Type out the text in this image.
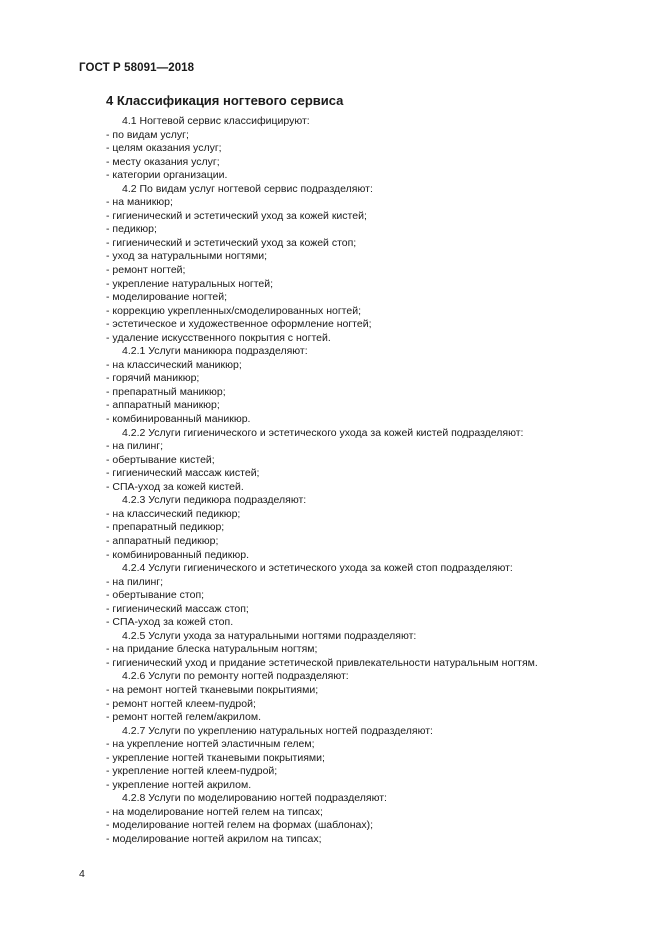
ГОСТ Р 58091—2018
4 Классификация ногтевого сервиса
4.1 Ногтевой сервис классифицируют:
- по видам услуг;
- целям оказания услуг;
- месту оказания услуг;
- категории организации.
4.2 По видам услуг ногтевой сервис подразделяют:
- на маникюр;
- гигиенический и эстетический уход за кожей кистей;
- педикюр;
- гигиенический и эстетический уход за кожей стоп;
- уход за натуральными ногтями;
- ремонт ногтей;
- укрепление натуральных ногтей;
- моделирование ногтей;
- коррекцию укрепленных/смоделированных ногтей;
- эстетическое и художественное оформление ногтей;
- удаление искусственного покрытия с ногтей.
4.2.1 Услуги маникюра подразделяют:
- на классический маникюр;
- горячий маникюр;
- препаратный маникюр;
- аппаратный маникюр;
- комбинированный маникюр.
4.2.2 Услуги гигиенического и эстетического ухода за кожей кистей подразделяют:
- на пилинг;
- обертывание кистей;
- гигиенический массаж кистей;
- СПА-уход за кожей кистей.
4.2.3 Услуги педикюра подразделяют:
- на классический педикюр;
- препаратный педикюр;
- аппаратный педикюр;
- комбинированный педикюр.
4.2.4 Услуги гигиенического и эстетического ухода за кожей стоп подразделяют:
- на пилинг;
- обертывание стоп;
- гигиенический массаж стоп;
- СПА-уход за кожей стоп.
4.2.5 Услуги ухода за натуральными ногтями подразделяют:
- на придание блеска натуральным ногтям;
- гигиенический уход и придание эстетической привлекательности натуральным ногтям.
4.2.6 Услуги по ремонту ногтей подразделяют:
- на ремонт ногтей тканевыми покрытиями;
- ремонт ногтей клеем-пудрой;
- ремонт ногтей гелем/акрилом.
4.2.7 Услуги по укреплению натуральных ногтей подразделяют:
- на укрепление ногтей эластичным гелем;
- укрепление ногтей тканевыми покрытиями;
- укрепление ногтей клеем-пудрой;
- укрепление ногтей акрилом.
4.2.8 Услуги по моделированию ногтей подразделяют:
- на моделирование ногтей гелем на типсах;
- моделирование ногтей гелем на формах (шаблонах);
- моделирование ногтей акрилом на типсах;
4
